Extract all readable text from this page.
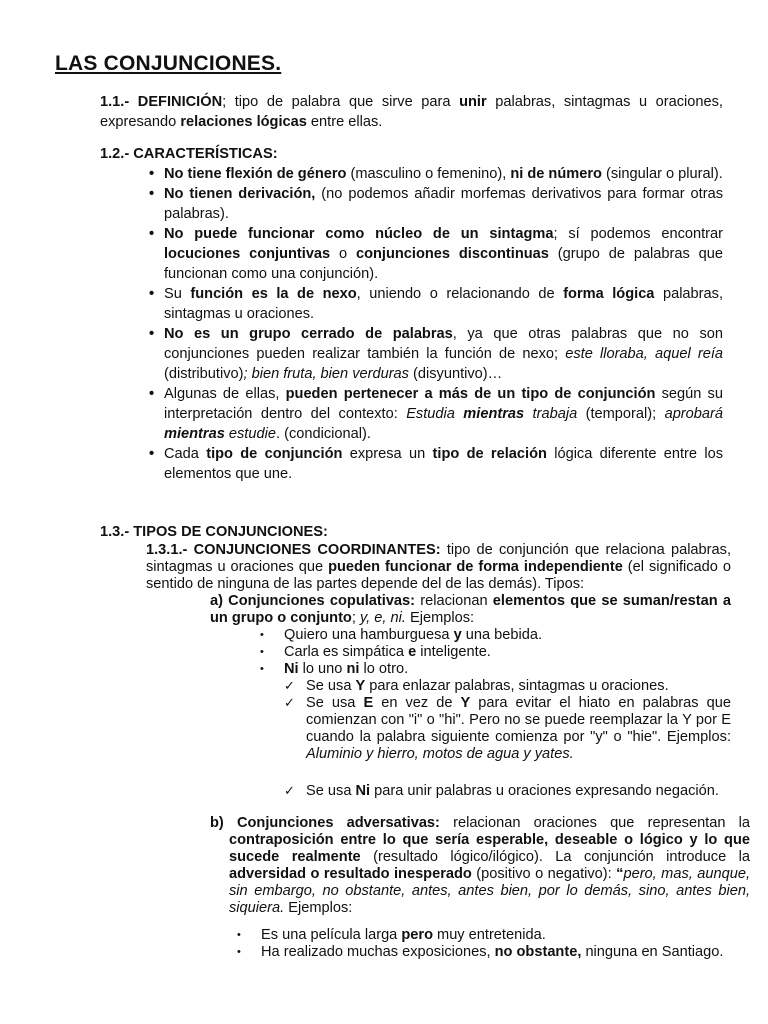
LAS CONJUNCIONES.

1.1.- DEFINICIÓN; tipo de palabra que sirve para unir palabras, sintagmas u oraciones, expresando relaciones lógicas entre ellas.

1.2.- CARACTERÍSTICAS:

• No tiene flexión de género (masculino o femenino), ni de número (singular o plural).
• No tienen derivación, (no podemos añadir morfemas derivativos para formar otras palabras).
• No puede funcionar como núcleo de un sintagma; sí podemos encontrar locuciones conjuntivas o conjunciones discontinuas (grupo de palabras que funcionan como una conjunción).
• Su función es la de nexo, uniendo o relacionando de forma lógica palabras, sintagmas u oraciones.
• No es un grupo cerrado de palabras, ya que otras palabras que no son conjunciones pueden realizar también la función de nexo; este lloraba, aquel reía (distributivo); bien fruta, bien verduras (disyuntivo)…
• Algunas de ellas, pueden pertenecer a más de un tipo de conjunción según su interpretación dentro del contexto: Estudia mientras trabaja (temporal); aprobará mientras estudie. (condicional).
• Cada tipo de conjunción expresa un tipo de relación lógica diferente entre los elementos que une.

1.3.- TIPOS DE CONJUNCIONES:

1.3.1.- CONJUNCIONES COORDINANTES: tipo de conjunción que relaciona palabras, sintagmas u oraciones que pueden funcionar de forma independiente (el significado o sentido de ninguna de las partes depende del de las demás). Tipos:

a) Conjunciones copulativas: relacionan elementos que se suman/restan a un grupo o conjunto; y, e, ni. Ejemplos:

• Quiero una hamburguesa y una bebida.
• Carla es simpática e inteligente.
• Ni lo uno ni lo otro.
✓ Se usa Y para enlazar palabras, sintagmas u oraciones.
✓ Se usa E en vez de Y para evitar el hiato en palabras que comienzan con "i" o "hi". Pero no se puede reemplazar la Y por E cuando la palabra siguiente comienza por "y" o "hie". Ejemplos: Aluminio y hierro, motos de agua y yates.
✓ Se usa Ni para unir palabras u oraciones expresando negación.

b) Conjunciones adversativas: relacionan oraciones que representan la contraposición entre lo que sería esperable, deseable o lógico y lo que sucede realmente (resultado lógico/ilógico). La conjunción introduce la adversidad o resultado inesperado (positivo o negativo): “pero, mas, aunque, sin embargo, no obstante, antes, antes bien, por lo demás, sino, antes bien, siquiera. Ejemplos:

• Es una película larga pero muy entretenida.
• Ha realizado muchas exposiciones, no obstante, ninguna en Santiago.
